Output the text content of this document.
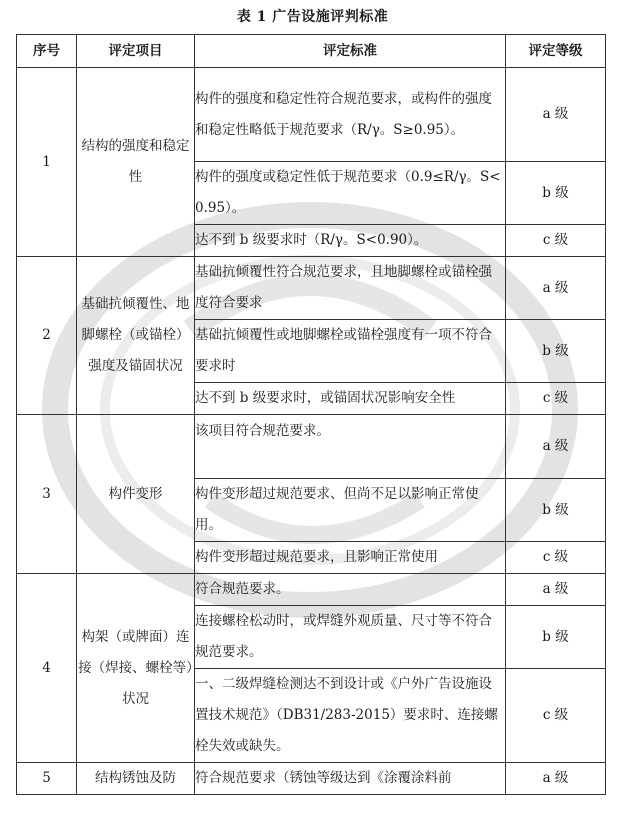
表 1 广告设施评判标准
序号	评定项目	评定标准	评定等级
1	结构的强度和稳定性	构件的强度和稳定性符合规范要求，或构件的强度和稳定性略低于规范要求（R/γ。S≥0.95）。	a 级
		构件的强度或稳定性低于规范要求（0.9≤R/γ。S<0.95）。	b 级
		达不到 b 级要求时（R/γ。S<0.90）。	c 级
2	基础抗倾覆性、地脚螺栓（或锚栓）强度及锚固状况	基础抗倾覆性符合规范要求，且地脚螺栓或锚栓强度符合要求	a 级
		基础抗倾覆性或地脚螺栓或锚栓强度有一项不符合要求时	b 级
		达不到 b 级要求时，或锚固状况影响安全性	c 级
3	构件变形	该项目符合规范要求。	a 级
		构件变形超过规范要求、但尚不足以影响正常使用。	b 级
		构件变形超过规范要求，且影响正常使用	c 级
4	构架（或牌面）连接（焊接、螺栓等）状况	符合规范要求。	a 级
		连接螺栓松动时，或焊缝外观质量、尺寸等不符合规范要求。	b 级
		一、二级焊缝检测达不到设计或《户外广告设施设置技术规范》（DB31/283-2015）要求时、连接螺栓失效或缺失。	c 级
5	结构锈蚀及防	符合规范要求（锈蚀等级达到《涂覆涂料前	a 级
